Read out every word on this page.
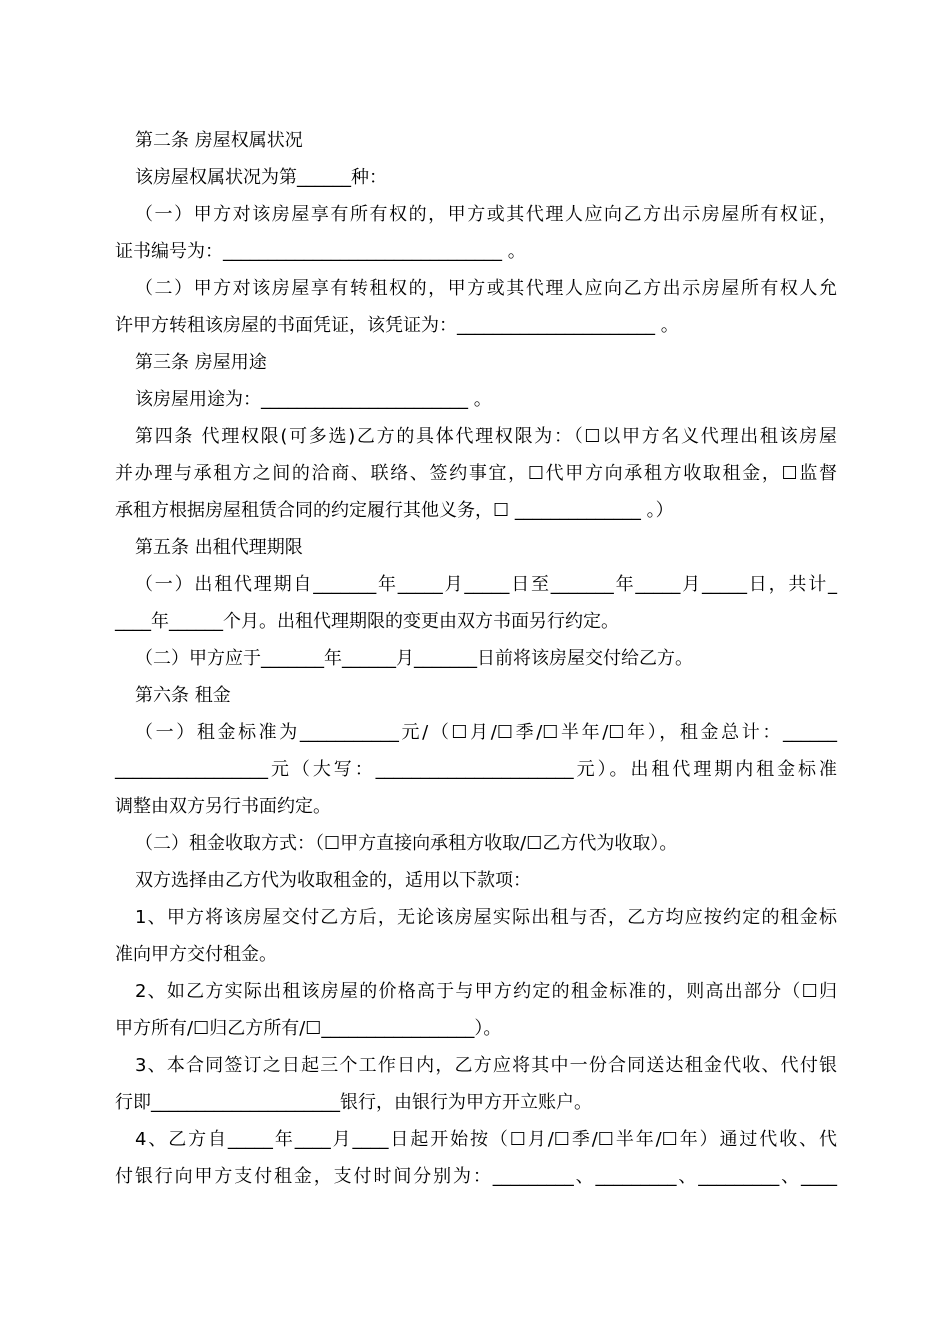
第二条 房屋权属状况

该房屋权属状况为第______种：

（一）甲方对该房屋享有所有权的，甲方或其代理人应向乙方出示房屋所有权证，

证书编号为：_______________________________ 。

（二）甲方对该房屋享有转租权的，甲方或其代理人应向乙方出示房屋所有权人允

许甲方转租该房屋的书面凭证，该凭证为：______________________ 。

第三条 房屋用途

该房屋用途为：_______________________ 。

第四条 代理权限(可多选)乙方的具体代理权限为：（☐以甲方名义代理出租该房屋

并办理与承租方之间的洽商、联络、签约事宜，☐代甲方向承租方收取租金，☐监督

承租方根据房屋租赁合同的约定履行其他义务，☐ ______________ 。）

第五条 出租代理期限

（一）出租代理期自_______年_____月_____日至_______年_____月_____日，共计_

____年______个月。出租代理期限的变更由双方书面另行约定。

（二）甲方应于_______年______月_______日前将该房屋交付给乙方。

第六条 租金

（一）租金标准为___________元/（☐月/☐季/☐半年/☐年），租金总计：______

_________________元（大写：______________________元）。出租代理期内租金标准

调整由双方另行书面约定。

（二）租金收取方式：（☐甲方直接向承租方收取/☐乙方代为收取）。

双方选择由乙方代为收取租金的，适用以下款项：

1、甲方将该房屋交付乙方后，无论该房屋实际出租与否，乙方均应按约定的租金标

准向甲方交付租金。

2、如乙方实际出租该房屋的价格高于与甲方约定的租金标准的，则高出部分（☐归

甲方所有/☐归乙方所有/☐_________________）。

3、本合同签订之日起三个工作日内，乙方应将其中一份合同送达租金代收、代付银

行即_____________________银行，由银行为甲方开立账户。

4、乙方自_____年____月____日起开始按（☐月/☐季/☐半年/☐年）通过代收、代

付银行向甲方支付租金，支付时间分别为：_________、_________、_________、____
